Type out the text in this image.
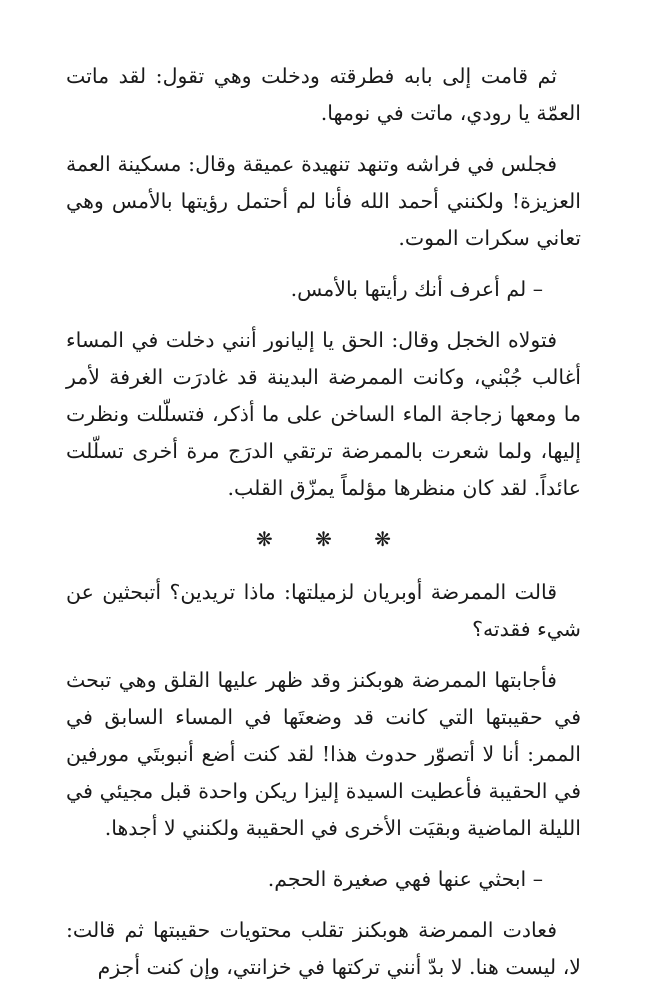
ثم قامت إلى بابه فطرقته ودخلت وهي تقول: لقد ماتت العمّة يا رودي، ماتت في نومها.

فجلس في فراشه وتنهد تنهيدة عميقة وقال: مسكينة العمة العزيزة! ولكنني أحمد الله فأنا لم أحتمل رؤيتها بالأمس وهي تعاني سكرات الموت.

– لم أعرف أنك رأيتها بالأمس.

فتولاه الخجل وقال: الحق يا إليانور أنني دخلت في المساء أغالب جُبْني، وكانت الممرضة البدينة قد غادرَت الغرفة لأمر ما ومعها زجاجة الماء الساخن على ما أذكر، فتسلّلت ونظرت إليها، ولما شعرت بالممرضة ترتقي الدرَج مرة أخرى تسلّلت عائداً. لقد كان منظرها مؤلماً يمزّق القلب.

❋ ❋ ❋

قالت الممرضة أوبريان لزميلتها: ماذا تريدين؟ أتبحثين عن شيء فقدته؟

فأجابتها الممرضة هوبكنز وقد ظهر عليها القلق وهي تبحث في حقيبتها التي كانت قد وضعتَها في المساء السابق في الممر: أنا لا أتصوّر حدوث هذا! لقد كنت أضع أنبوبتَي مورفين في الحقيبة فأعطيت السيدة إليزا ريكن واحدة قبل مجيئي في الليلة الماضية وبقيَت الأخرى في الحقيبة ولكنني لا أجدها.

– ابحثي عنها فهي صغيرة الحجم.

فعادت الممرضة هوبكنز تقلب محتويات حقيبتها ثم قالت: لا، ليست هنا. لا بدّ أنني تركتها في خزانتي، وإن كنت أجزم
